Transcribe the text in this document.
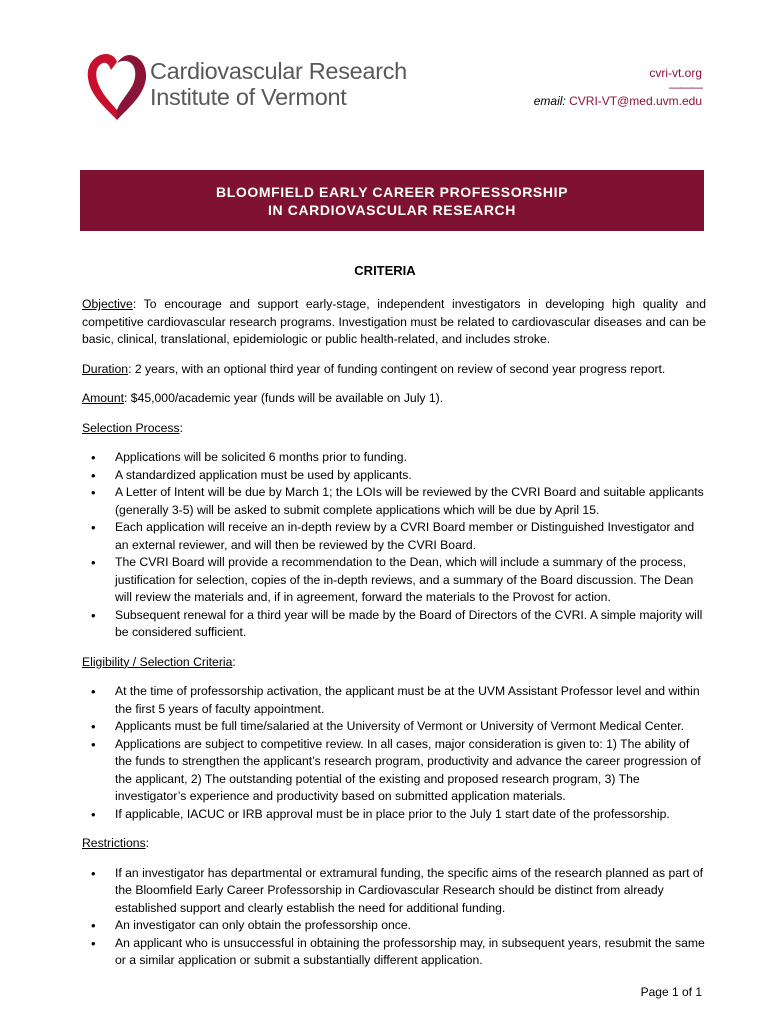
Cardiovascular Research
Institute of Vermont
cvri-vt.org
———
email: CVRI-VT@med.uvm.edu
BLOOMFIELD EARLY CAREER PROFESSORSHIP
IN CARDIOVASCULAR RESEARCH
CRITERIA

Objective: To encourage and support early-stage, independent investigators in developing high quality and competitive cardiovascular research programs. Investigation must be related to cardiovascular diseases and can be basic, clinical, translational, epidemiologic or public health-related, and includes stroke.

Duration: 2 years, with an optional third year of funding contingent on review of second year progress report.

Amount: $45,000/academic year (funds will be available on July 1).

Selection Process:

• Applications will be solicited 6 months prior to funding.
• A standardized application must be used by applicants.
• A Letter of Intent will be due by March 1; the LOIs will be reviewed by the CVRI Board and suitable applicants (generally 3-5) will be asked to submit complete applications which will be due by April 15.
• Each application will receive an in-depth review by a CVRI Board member or Distinguished Investigator and an external reviewer, and will then be reviewed by the CVRI Board.
• The CVRI Board will provide a recommendation to the Dean, which will include a summary of the process, justification for selection, copies of the in-depth reviews, and a summary of the Board discussion. The Dean will review the materials and, if in agreement, forward the materials to the Provost for action.
• Subsequent renewal for a third year will be made by the Board of Directors of the CVRI. A simple majority will be considered sufficient.

Eligibility / Selection Criteria:

• At the time of professorship activation, the applicant must be at the UVM Assistant Professor level and within the first 5 years of faculty appointment.
• Applicants must be full time/salaried at the University of Vermont or University of Vermont Medical Center.
• Applications are subject to competitive review. In all cases, major consideration is given to: 1) The ability of the funds to strengthen the applicant’s research program, productivity and advance the career progression of the applicant, 2) The outstanding potential of the existing and proposed research program, 3) The investigator’s experience and productivity based on submitted application materials.
• If applicable, IACUC or IRB approval must be in place prior to the July 1 start date of the professorship.

Restrictions:

• If an investigator has departmental or extramural funding, the specific aims of the research planned as part of the Bloomfield Early Career Professorship in Cardiovascular Research should be distinct from already established support and clearly establish the need for additional funding.
• An investigator can only obtain the professorship once.
• An applicant who is unsuccessful in obtaining the professorship may, in subsequent years, resubmit the same or a similar application or submit a substantially different application.
Page 1 of 1
